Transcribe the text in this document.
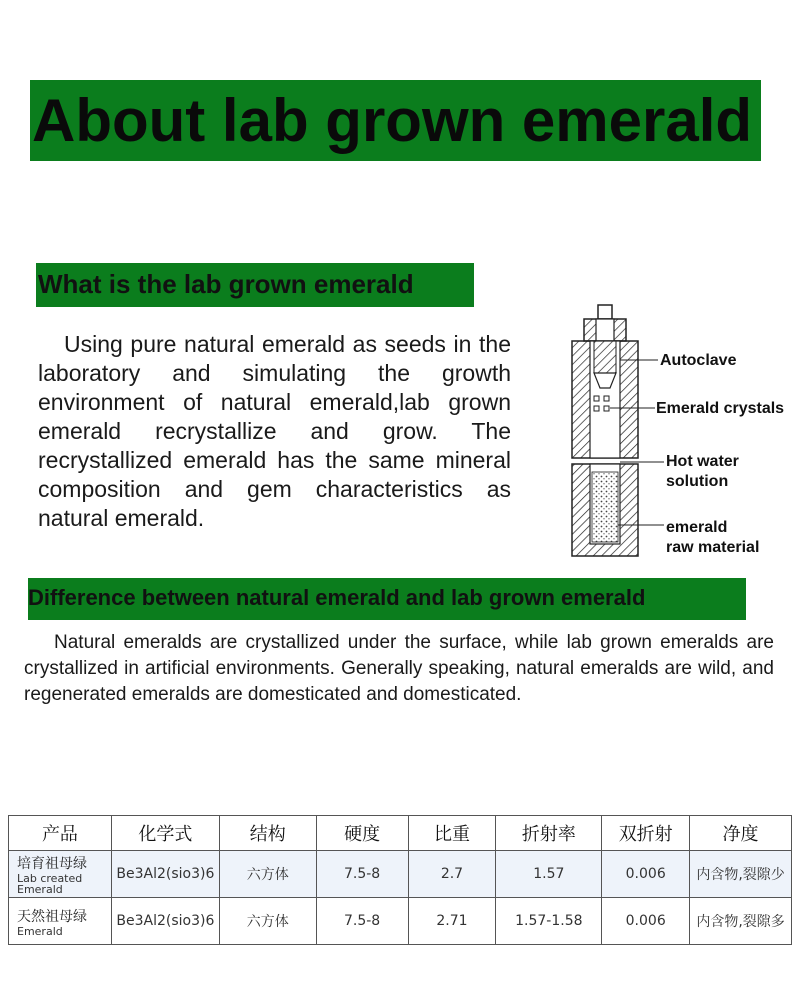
About lab grown emerald
What is the lab grown emerald
Using pure natural emerald as seeds in the laboratory and simulating the growth environment of natural emerald,lab grown emerald recrystallize and grow. The recrystallized emerald has the same mineral composition and gem characteristics as natural emerald.
Autoclave
Emerald crystals
Hot water
solution
emerald
raw material
Difference between natural emerald and lab grown emerald
Natural emeralds are crystallized under the surface, while lab grown emeralds are crystallized in artificial environments. Generally speaking, natural emeralds are wild, and regenerated emeralds are domesticated and domesticated.
产品	化学式	结构	硬度	比重	折射率	双折射	净度

培育祖母绿
Lab created
Emerald	Be3Al2(sio3)6	六方体	7.5-8	2.7	1.57	0.006	内含物,裂隙少

天然祖母绿
Emerald	Be3Al2(sio3)6	六方体	7.5-8	2.71	1.57-1.58	0.006	内含物,裂隙多
